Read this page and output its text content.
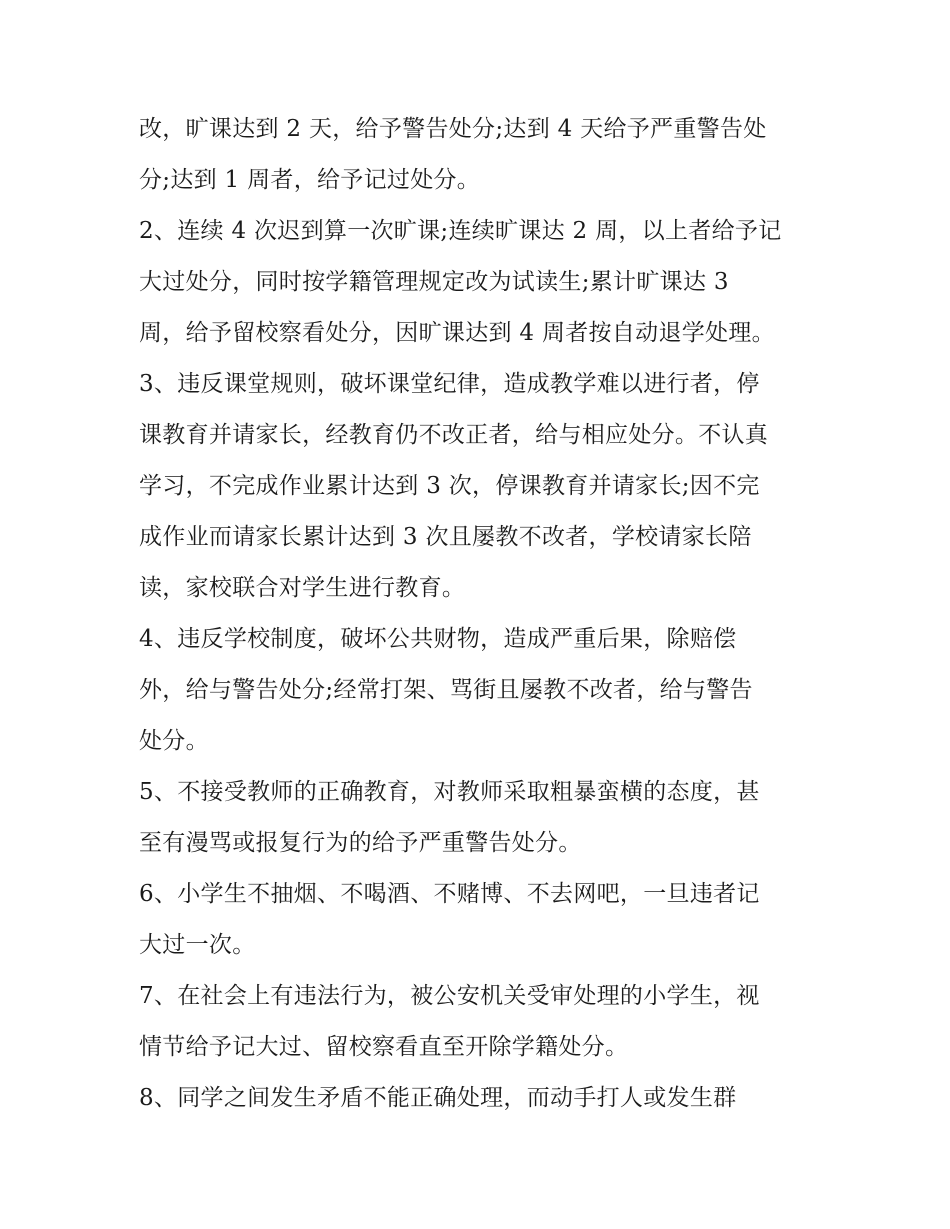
改，旷课达到 2 天，给予警告处分;达到 4 天给予严重警告处
分;达到 1 周者，给予记过处分。
2、连续 4 次迟到算一次旷课;连续旷课达 2 周，以上者给予记
大过处分，同时按学籍管理规定改为试读生;累计旷课达 3
周，给予留校察看处分，因旷课达到 4 周者按自动退学处理。
3、违反课堂规则，破坏课堂纪律，造成教学难以进行者，停
课教育并请家长，经教育仍不改正者，给与相应处分。不认真
学习，不完成作业累计达到 3 次，停课教育并请家长;因不完
成作业而请家长累计达到 3 次且屡教不改者，学校请家长陪
读，家校联合对学生进行教育。
4、违反学校制度，破坏公共财物，造成严重后果，除赔偿
外，给与警告处分;经常打架、骂街且屡教不改者，给与警告
处分。
5、不接受教师的正确教育，对教师采取粗暴蛮横的态度，甚
至有漫骂或报复行为的给予严重警告处分。
6、小学生不抽烟、不喝酒、不赌博、不去网吧，一旦违者记
大过一次。
7、在社会上有违法行为，被公安机关受审处理的小学生，视
情节给予记大过、留校察看直至开除学籍处分。
8、同学之间发生矛盾不能正确处理，而动手打人或发生群
